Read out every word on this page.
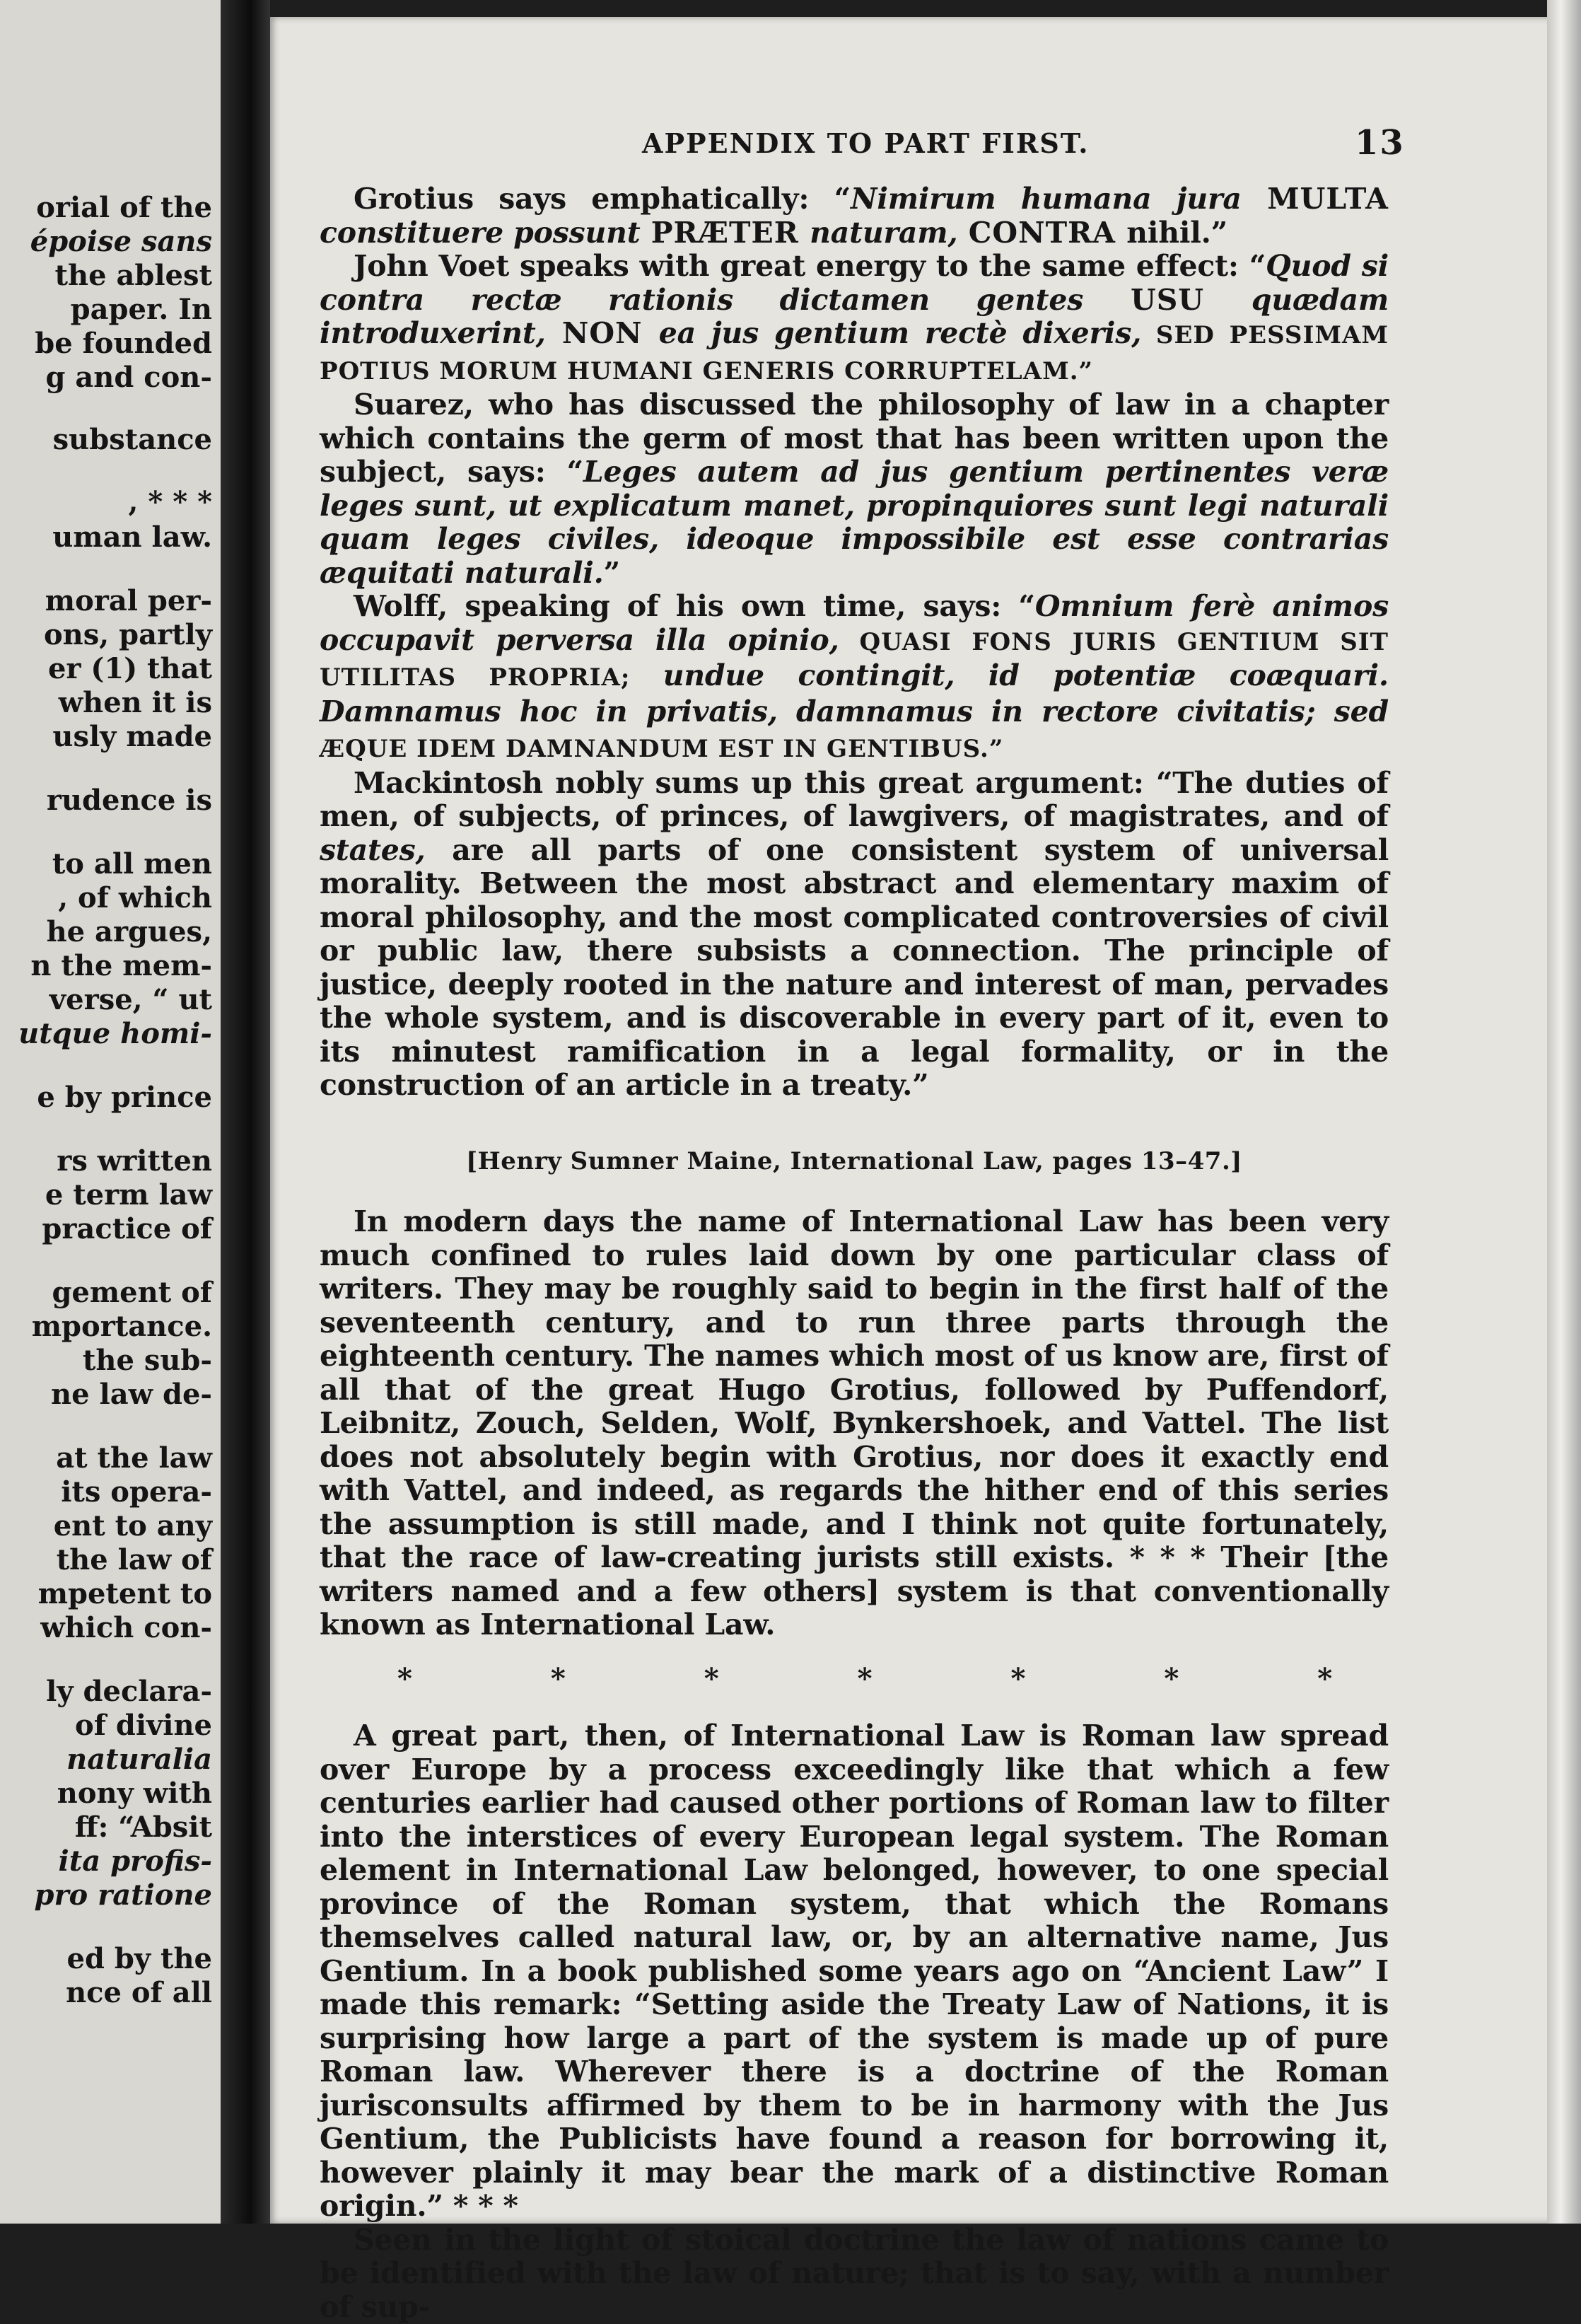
orial of the
époise sans
the ablest
paper. In
be founded
g and con-
substance
, * * *
uman law.
moral per-
ons, partly
er (1) that
when it is
usly made
rudence is
to all men
, of which
he argues,
n the mem-
verse, “ ut
utque homi-
e by prince
rs written
e term law
practice of
gement of
mportance.
the sub-
ne law de-
at the law
its opera-
ent to any
the law of
mpetent to
which con-
ly declara-
of divine
naturalia
nony with
ff: “Absit
ita profis-
pro ratione
ed by the
nce of all
APPENDIX TO PART FIRST.	13

Grotius says emphatically: “Nimirum humana jura MULTA constituere possunt PRÆTER naturam, CONTRA nihil.”

John Voet speaks with great energy to the same effect: “Quod si contra rectæ rationis dictamen gentes USU quædam introduxerint, NON ea jus gentium rectè dixeris, SED PESSIMAM POTIUS MORUM HUMANI GENERIS CORRUPTELAM.”

Suarez, who has discussed the philosophy of law in a chapter which contains the germ of most that has been written upon the subject, says: “Leges autem ad jus gentium pertinentes veræ leges sunt, ut explicatum manet, propinquiores sunt legi naturali quam leges civiles, ideoque impossibile est esse contrarias æquitati naturali.”

Wolff, speaking of his own time, says: “Omnium ferè animos occupavit perversa illa opinio, QUASI FONS JURIS GENTIUM SIT UTILITAS PROPRIA; undue contingit, id potentiæ coæquari. Damnamus hoc in privatis, damnamus in rectore civitatis; sed ÆQUE IDEM DAMNANDUM EST IN GENTIBUS.”

Mackintosh nobly sums up this great argument: “The duties of men, of subjects, of princes, of lawgivers, of magistrates, and of states, are all parts of one consistent system of universal morality. Between the most abstract and elementary maxim of moral philosophy, and the most complicated controversies of civil or public law, there subsists a connection. The principle of justice, deeply rooted in the nature and interest of man, pervades the whole system, and is discoverable in every part of it, even to its minutest ramification in a legal formality, or in the construction of an article in a treaty.”

[Henry Sumner Maine, International Law, pages 13–47.]

In modern days the name of International Law has been very much confined to rules laid down by one particular class of writers. They may be roughly said to begin in the first half of the seventeenth century, and to run three parts through the eighteenth century. The names which most of us know are, first of all that of the great Hugo Grotius, followed by Puffendorf, Leibnitz, Zouch, Selden, Wolf, Bynkershoek, and Vattel. The list does not absolutely begin with Grotius, nor does it exactly end with Vattel, and indeed, as regards the hither end of this series the assumption is still made, and I think not quite fortunately, that the race of law-creating jurists still exists. * * * Their [the writers named and a few others] system is that conventionally known as International Law.

*	*	*	*	*	*	*

A great part, then, of International Law is Roman law spread over Europe by a process exceedingly like that which a few centuries earlier had caused other portions of Roman law to filter into the interstices of every European legal system. The Roman element in International Law belonged, however, to one special province of the Roman system, that which the Romans themselves called natural law, or, by an alternative name, Jus Gentium. In a book published some years ago on “Ancient Law” I made this remark: “Setting aside the Treaty Law of Nations, it is surprising how large a part of the system is made up of pure Roman law. Wherever there is a doctrine of the Roman jurisconsults affirmed by them to be in harmony with the Jus Gentium, the Publicists have found a reason for borrowing it, however plainly it may bear the mark of a distinctive Roman origin.” * * *

Seen in the light of stoical doctrine the law of nations came to be identified with the law of nature; that is to say, with a number of sup-
